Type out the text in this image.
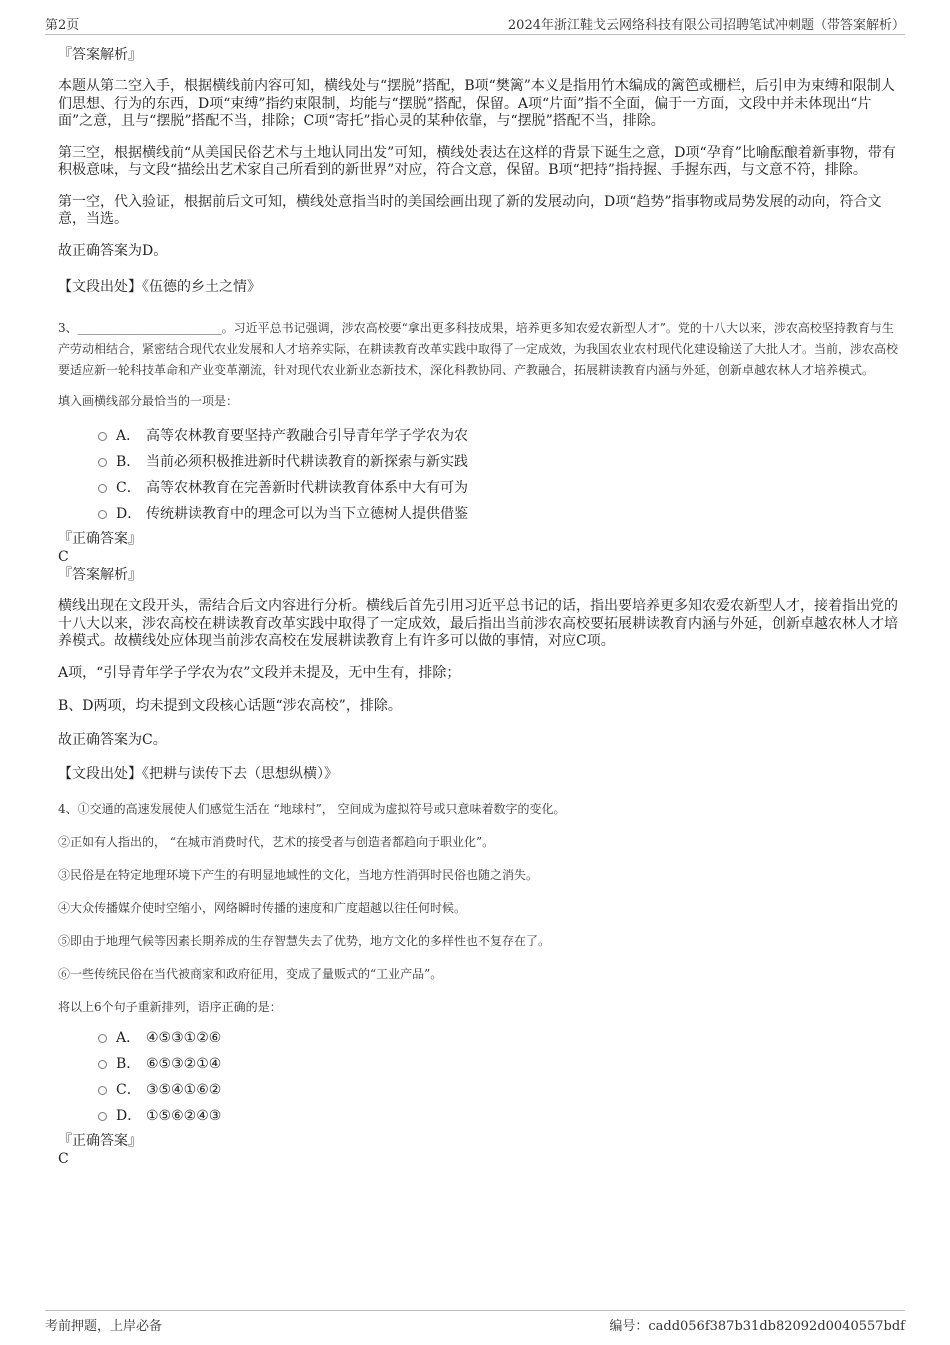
第2页	2024年浙江鞋戈云网络科技有限公司招聘笔试冲刺题（带答案解析）
『答案解析』

本题从第二空入手，根据横线前内容可知，横线处与“摆脱”搭配，B项“樊篱”本义是指用竹木编成的篱笆或栅栏，后引申为束缚和限制人们思想、行为的东西，D项“束缚”指约束限制，均能与“摆脱”搭配，保留。A项“片面”指不全面，偏于一方面，文段中并未体现出“片面”之意，且与“摆脱”搭配不当，排除；C项“寄托”指心灵的某种依靠，与“摆脱”搭配不当，排除。

第三空，根据横线前“从美国民俗艺术与土地认同出发”可知，横线处表达在这样的背景下诞生之意，D项“孕育”比喻酝酿着新事物，带有积极意味，与文段“描绘出艺术家自己所看到的新世界”对应，符合文意，保留。B项“把持”指持握、手握东西，与文意不符，排除。

第一空，代入验证，根据前后文可知，横线处意指当时的美国绘画出现了新的发展动向，D项“趋势”指事物或局势发展的动向，符合文意，当选。

故正确答案为D。

【文段出处】《伍德的乡土之情》

3、________________________。习近平总书记强调，涉农高校要“拿出更多科技成果，培养更多知农爱农新型人才”。党的十八大以来，涉农高校坚持教育与生产劳动相结合，紧密结合现代农业发展和人才培养实际，在耕读教育改革实践中取得了一定成效，为我国农业农村现代化建设输送了大批人才。当前，涉农高校要适应新一轮科技革命和产业变革潮流，针对现代农业新业态新技术，深化科教协同、产教融合，拓展耕读教育内涵与外延，创新卓越农林人才培养模式。

填入画横线部分最恰当的一项是：

A． 高等农林教育要坚持产教融合引导青年学子学农为农
B． 当前必须积极推进新时代耕读教育的新探索与新实践
C． 高等农林教育在完善新时代耕读教育体系中大有可为
D． 传统耕读教育中的理念可以为当下立德树人提供借鉴
『正确答案』
C
『答案解析』

横线出现在文段开头，需结合后文内容进行分析。横线后首先引用习近平总书记的话，指出要培养更多知农爱农新型人才，接着指出党的十八大以来，涉农高校在耕读教育改革实践中取得了一定成效，最后指出当前涉农高校要拓展耕读教育内涵与外延，创新卓越农林人才培养模式。故横线处应体现当前涉农高校在发展耕读教育上有许多可以做的事情，对应C项。

A项，“引导青年学子学农为农”文段并未提及，无中生有，排除；

B、D两项，均未提到文段核心话题“涉农高校”，排除。

故正确答案为C。

【文段出处】《把耕与读传下去（思想纵横）》

4、①交通的高速发展使人们感觉生活在 “地球村”， 空间成为虚拟符号或只意味着数字的变化。

②正如有人指出的， “在城市消费时代，艺术的接受者与创造者都趋向于职业化”。

③民俗是在特定地理环境下产生的有明显地域性的文化，当地方性消弭时民俗也随之消失。

④大众传播媒介使时空缩小，网络瞬时传播的速度和广度超越以往任何时候。

⑤即由于地理气候等因素长期养成的生存智慧失去了优势，地方文化的多样性也不复存在了。

⑥一些传统民俗在当代被商家和政府征用，变成了量贩式的“工业产品”。

将以上6个句子重新排列，语序正确的是：

A． ④⑤③①②⑥
B． ⑥⑤③②①④
C． ③⑤④①⑥②
D． ①⑤⑥②④③
『正确答案』
C
考前押题，上岸必备	编号：cadd056f387b31db82092d0040557bdf
